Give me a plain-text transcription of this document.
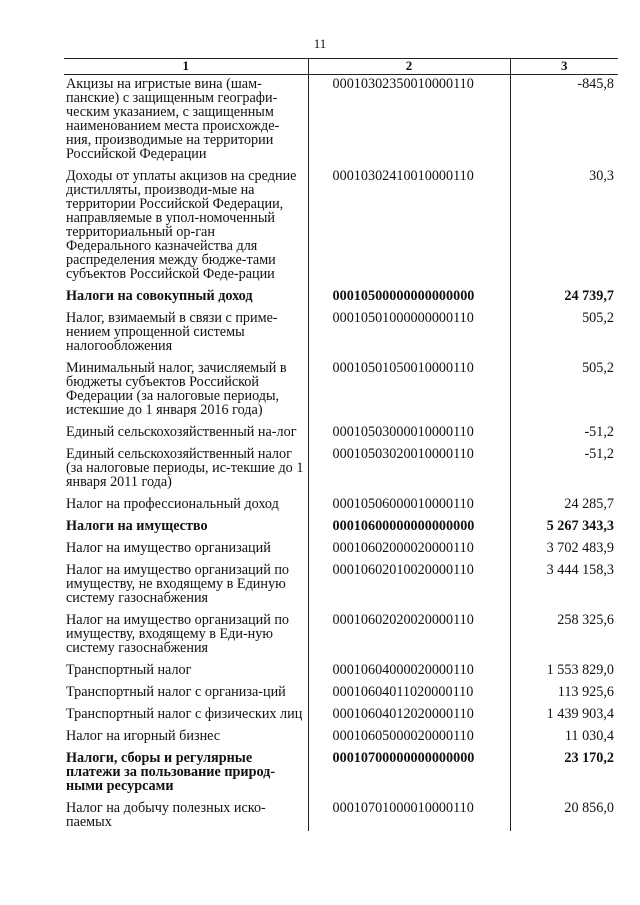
11
1	2	3
Акцизы на игристые вина (шам-панские) с защищенным географи-ческим указанием, с защищенным наименованием места происхожде-ния, производимые на территории Российской Федерации	00010302350010000110	-845,8
Доходы от уплаты акцизов на средние дистилляты, производи-мые на территории Российской Федерации, направляемые в упол-номоченный территориальный ор-ган Федерального казначейства для распределения между бюдже-тами субъектов Российской Феде-рации	00010302410010000110	30,3
Налоги на совокупный доход	00010500000000000000	24 739,7
Налог, взимаемый в связи с приме-нением упрощенной системы налогообложения	00010501000000000110	505,2
Минимальный налог, зачисляемый в бюджеты субъектов Российской Федерации (за налоговые периоды, истекшие до 1 января 2016 года)	00010501050010000110	505,2
Единый сельскохозяйственный на-лог	00010503000010000110	-51,2
Единый сельскохозяйственный налог (за налоговые периоды, ис-текшие до 1 января 2011 года)	00010503020010000110	-51,2
Налог на профессиональный доход	00010506000010000110	24 285,7
Налоги на имущество	00010600000000000000	5 267 343,3
Налог на имущество организаций	00010602000020000110	3 702 483,9
Налог на имущество организаций по имуществу, не входящему в Единую систему газоснабжения	00010602010020000110	3 444 158,3
Налог на имущество организаций по имуществу, входящему в Еди-ную систему газоснабжения	00010602020020000110	258 325,6
Транспортный налог	00010604000020000110	1 553 829,0
Транспортный налог с организа-ций	00010604011020000110	113 925,6
Транспортный налог с физических лиц	00010604012020000110	1 439 903,4
Налог на игорный бизнес	00010605000020000110	11 030,4
Налоги, сборы и регулярные платежи за пользование природ-ными ресурсами	00010700000000000000	23 170,2
Налог на добычу полезных иско-паемых	00010701000010000110	20 856,0
